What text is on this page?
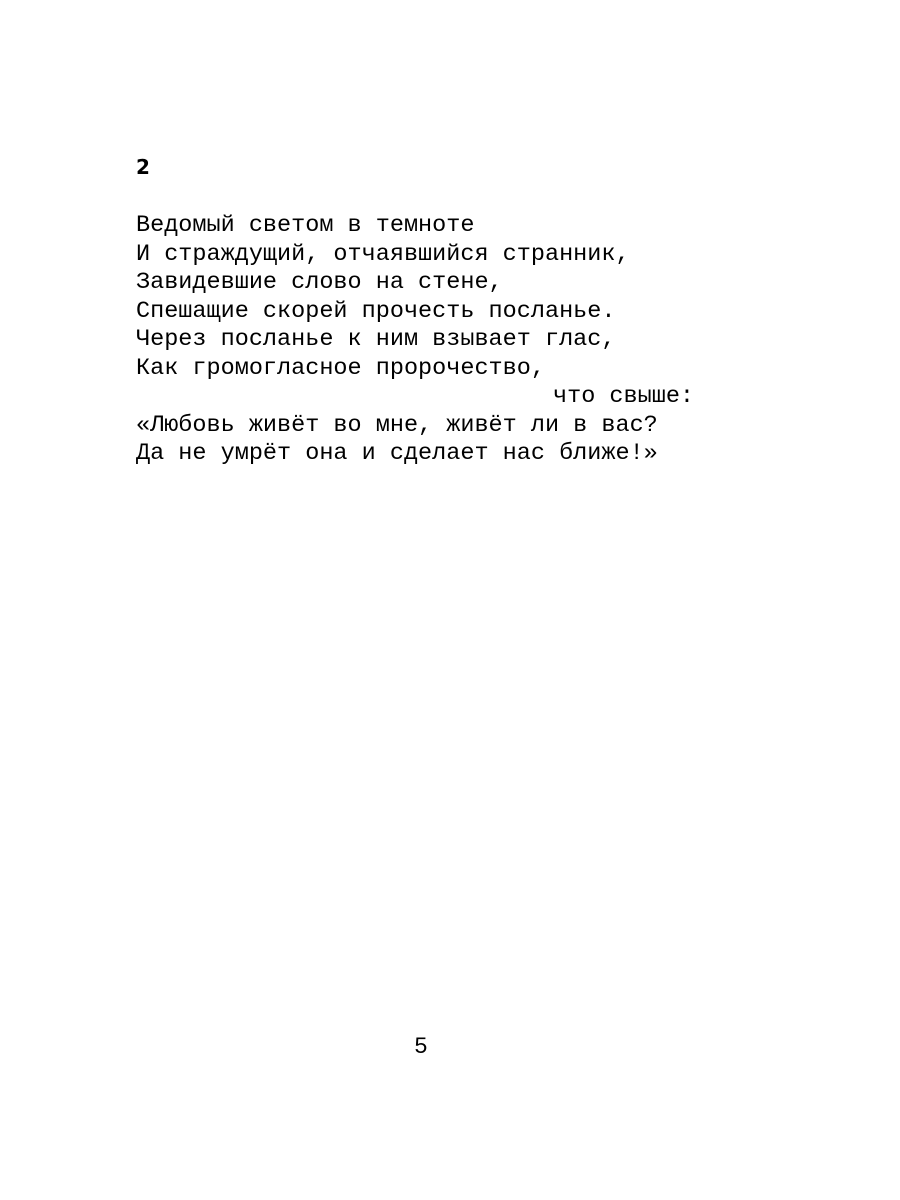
2
Ведомый светом в темноте
И страждущий, отчаявшийся странник,
Завидевшие слово на стене,
Спешащие скорей прочесть посланье.
Через посланье к ним взывает глас,
Как громогласное пророчество,
что свыше:
«Любовь живёт во мне, живёт ли в вас?
Да не умрёт она и сделает нас ближе!»
5
